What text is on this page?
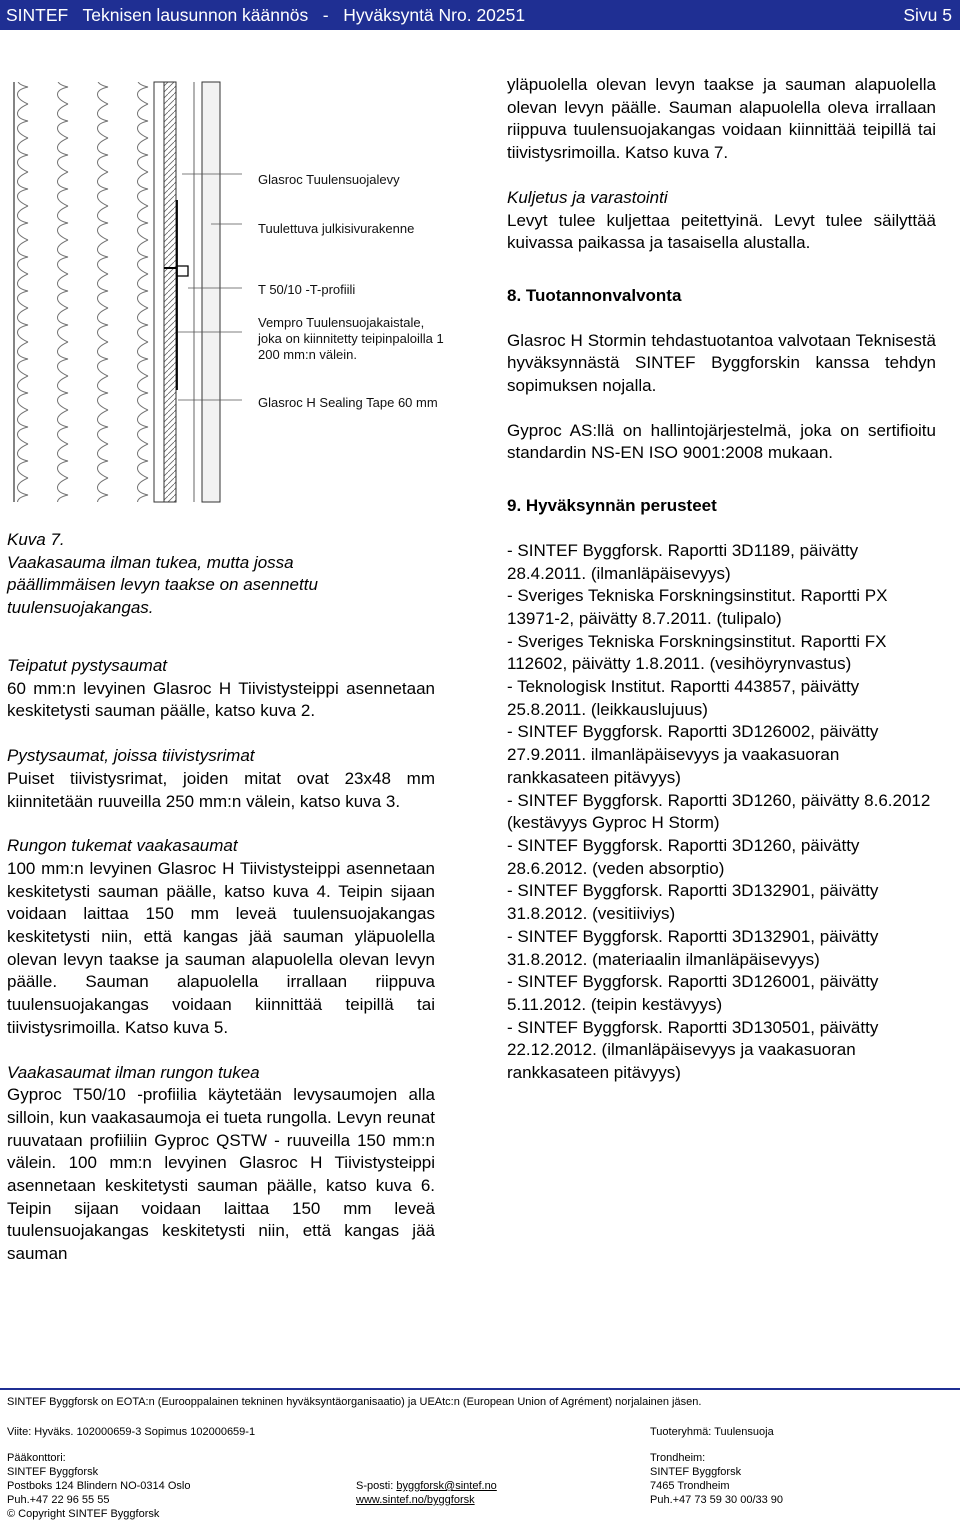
SINTEF   Teknisen lausunnon käännös   -   Hyväksyntä Nro. 20251	Sivu 5
Glasroc Tuulensuojalevy
Tuulettuva julkisivurakenne
T 50/10 -T-profiili
Vempro Tuulensuojakaistale,
joka on kiinnitetty teipinpaloilla 1
200 mm:n välein.
Glasroc H Sealing Tape 60 mm
Kuva 7.
Vaakasauma ilman tukea, mutta jossa
päällimmäisen levyn taakse on asennettu
tuulensuojakangas.

Teipatut pystysaumat

60 mm:n levyinen Glasroc H Tiivistysteippi asennetaan keskitetysti sauman päälle, katso kuva 2.

Pystysaumat, joissa tiivistysrimat

Puiset tiivistysrimat, joiden mitat ovat 23x48 mm kiinnitetään ruuveilla 250 mm:n välein, katso kuva 3.

Rungon tukemat vaakasaumat

100 mm:n levyinen Glasroc H Tiivistysteippi asennetaan keskitetysti sauman päälle, katso kuva 4. Teipin sijaan voidaan laittaa 150 mm leveä tuulensuojakangas keskitetysti niin, että kangas jää sauman yläpuolella olevan levyn taakse ja sauman alapuolella olevan levyn päälle. Sauman alapuolella irrallaan riippuva tuulensuojakangas voidaan kiinnittää teipillä tai tiivistysrimoilla. Katso kuva 5.

Vaakasaumat ilman rungon tukea

Gyproc T50/10 -profiilia käytetään levysaumojen alla silloin, kun vaakasaumoja ei tueta rungolla. Levyn reunat ruuvataan profiiliin Gyproc QSTW - ruuveilla 150 mm:n välein. 100 mm:n levyinen Glasroc H Tiivistysteippi asennetaan keskitetysti sauman päälle, katso kuva 6. Teipin sijaan voidaan laittaa 150 mm leveä tuulensuojakangas keskitetysti niin, että kangas jää sauman

yläpuolella olevan levyn taakse ja sauman alapuolella olevan levyn päälle. Sauman alapuolella oleva irrallaan riippuva tuulensuojakangas voidaan kiinnittää teipillä tai tiivistysrimoilla. Katso kuva 7.

Kuljetus ja varastointi

Levyt tulee kuljettaa peitettyinä. Levyt tulee säilyttää kuivassa paikassa ja tasaisella alustalla.

8. Tuotannonvalvonta

Glasroc H Stormin tehdastuotantoa valvotaan Teknisestä hyväksynnästä SINTEF Byggforskin kanssa tehdyn sopimuksen nojalla.

Gyproc AS:llä on hallintojärjestelmä, joka on sertifioitu standardin NS-EN ISO 9001:2008 mukaan.

9. Hyväksynnän perusteet

- SINTEF Byggforsk. Raportti 3D1189, päivätty 28.4.2011. (ilmanläpäisevyys)
- Sveriges Tekniska Forskningsinstitut. Raportti PX 13971-2, päivätty 8.7.2011. (tulipalo)
- Sveriges Tekniska Forskningsinstitut. Raportti FX 112602, päivätty 1.8.2011. (vesihöyrynvastus)
- Teknologisk Institut. Raportti 443857, päivätty 25.8.2011. (leikkauslujuus)
- SINTEF Byggforsk. Raportti 3D126002, päivätty 27.9.2011. ilmanläpäisevyys ja vaakasuoran rankkasateen pitävyys)
- SINTEF Byggforsk. Raportti 3D1260, päivätty 8.6.2012 (kestävyys Gyproc H Storm)
- SINTEF Byggforsk. Raportti 3D1260, päivätty 28.6.2012. (veden absorptio)
- SINTEF Byggforsk. Raportti 3D132901, päivätty 31.8.2012. (vesitiiviys)
- SINTEF Byggforsk. Raportti 3D132901, päivätty 31.8.2012. (materiaalin ilmanläpäisevyys)
- SINTEF Byggforsk. Raportti 3D126001, päivätty 5.11.2012. (teipin kestävyys)
- SINTEF Byggforsk. Raportti 3D130501, päivätty 22.12.2012. (ilmanläpäisevyys ja vaakasuoran rankkasateen pitävyys)
SINTEF Byggforsk on EOTA:n (Eurooppalainen tekninen hyväksyntäorganisaatio) ja UEAtc:n (European Union of Agrément) norjalainen jäsen.
Viite: Hyväks. 102000659-3 Sopimus 102000659-1	Tuoteryhmä: Tuulensuoja
Pääkonttori:
SINTEF Byggforsk
Postboks 124 Blindern NO-0314 Oslo
Puh.+47 22 96 55 55
© Copyright SINTEF Byggforsk
S-posti: byggforsk@sintef.no
www.sintef.no/byggforsk
Trondheim:
SINTEF Byggforsk
7465 Trondheim
Puh.+47 73 59 30 00/33 90
